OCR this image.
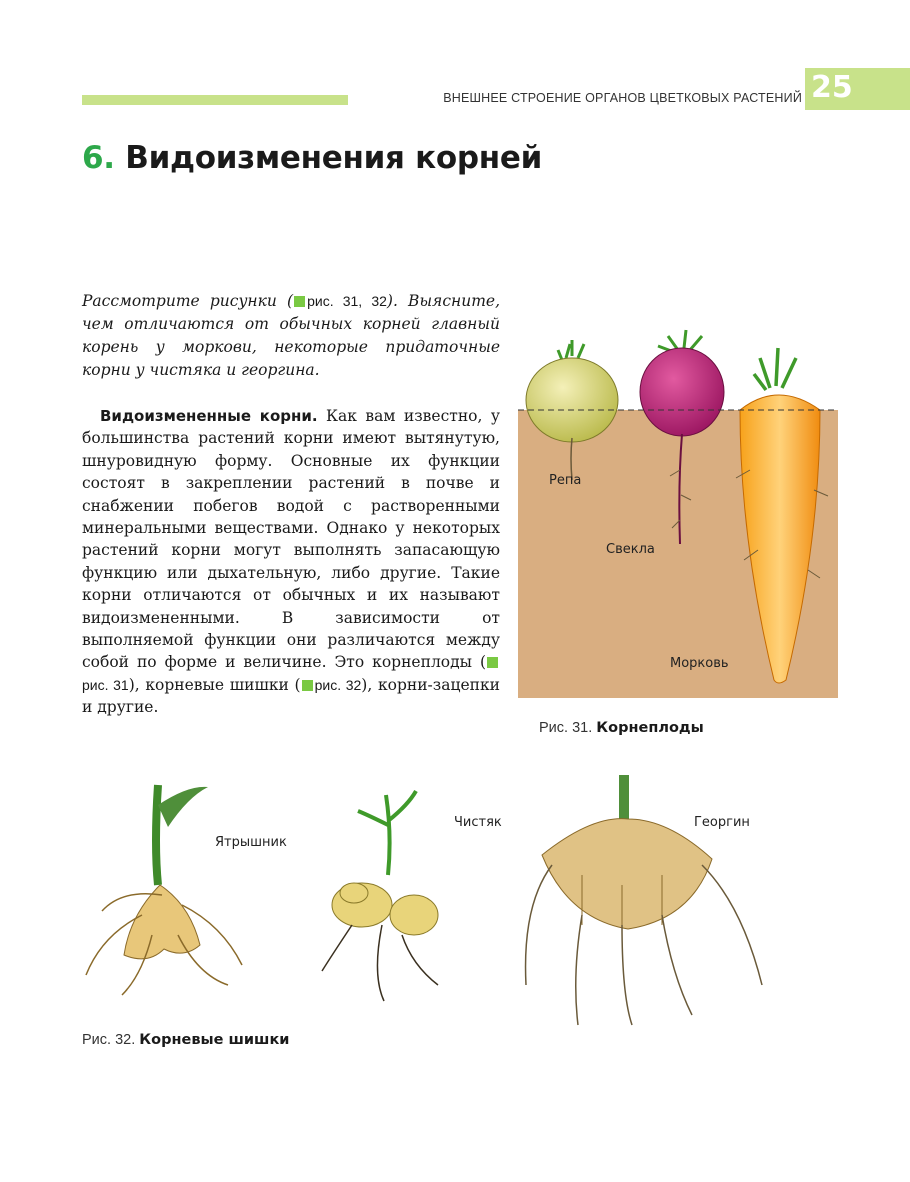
ВНЕШНЕЕ СТРОЕНИЕ ОРГАНОВ ЦВЕТКОВЫХ РАСТЕНИЙ 25
6. Видоизменения корней

Рассмотрите рисунки ( рис. 31, 32). Выясните, чем отличаются от обычных корней главный корень у моркови, некоторые придаточные корни у чистяка и георгина.

Видоизмененные корни. Как вам известно, у большинства растений корни имеют вытянутую, шнуровидную форму. Основные их функции состоят в закреплении растений в почве и снабжении побегов водой с растворенными минеральными веществами. Однако у некоторых растений корни могут выполнять запасающую функцию или дыхательную, либо другие. Такие корни отличаются от обычных и их называют видоизмененными. В зависимости от выполняемой функции они различаются между собой по форме и величине. Это корнеплоды (рис. 31), корневые шишки ( рис. 32), корни-зацепки и другие.

Репа
Свекла
Морковь
Рис. 31. Корнеплоды
Ятрышник
Чистяк	Георгин
Рис. 32. Корневые шишки
